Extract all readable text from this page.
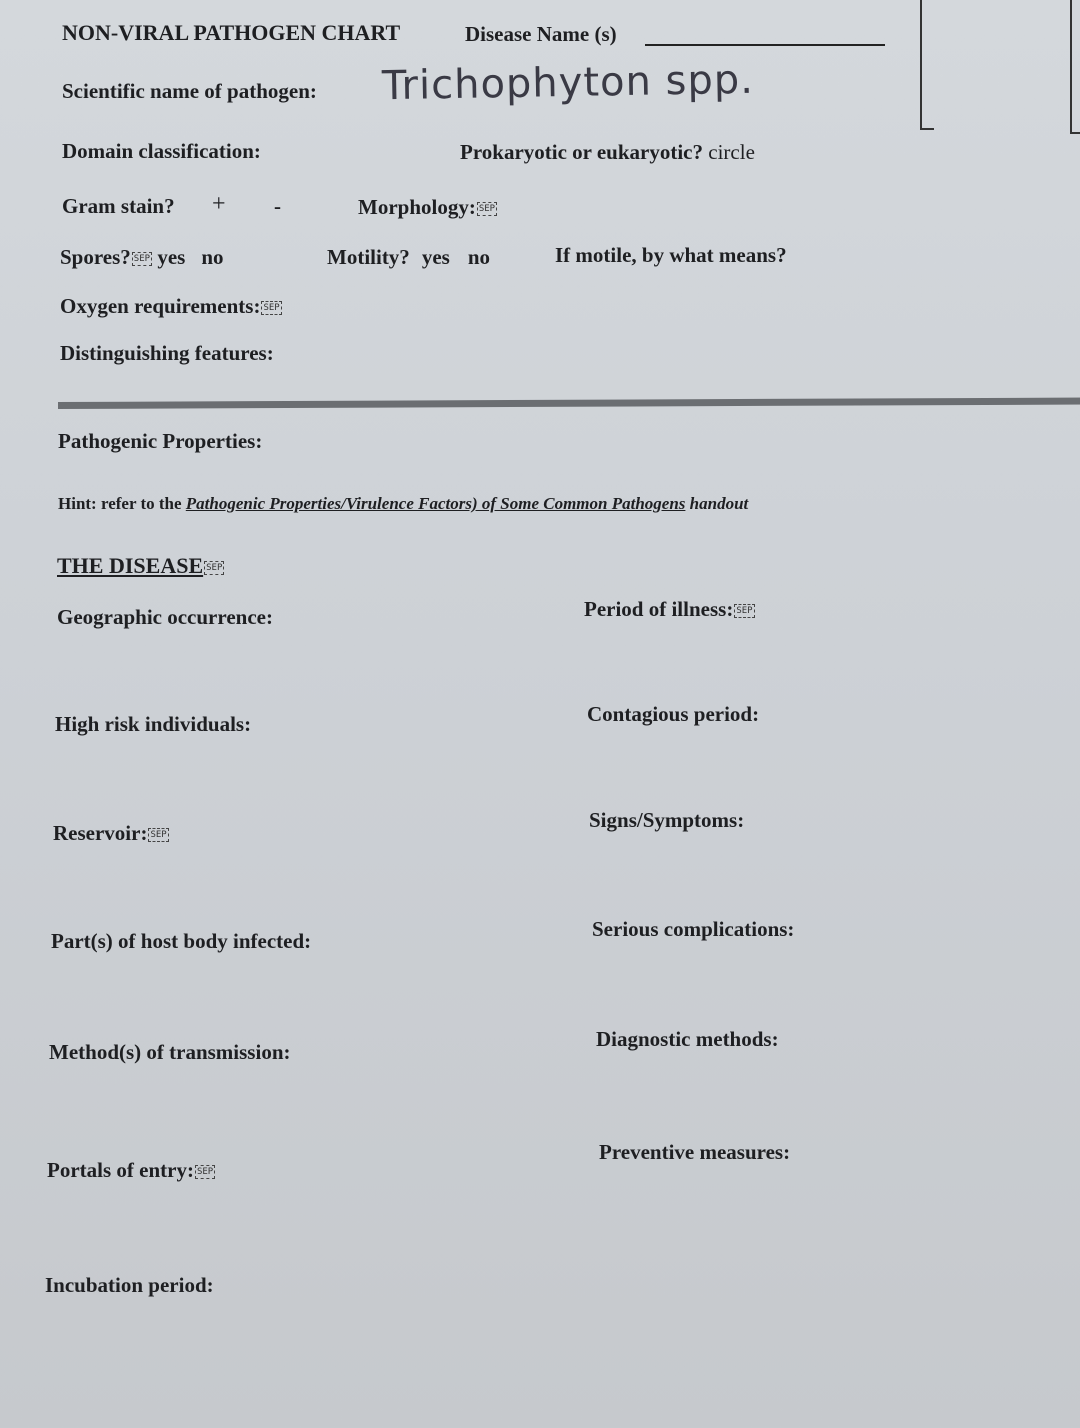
NON-VIRAL PATHOGEN CHART	Disease Name (s)
Scientific name of pathogen: Trichophyton spp.
Domain classification:	Prokaryotic or eukaryotic? circle
Gram stain? + -	Morphology: SEP
Spores? SEP yes no	Motility? yes no	If motile, by what means?
Oxygen requirements: SEP
Distinguishing features:
Pathogenic Properties:
Hint: refer to the Pathogenic Properties/Virulence Factors) of Some Common Pathogens handout
THE DISEASE SEP
Geographic occurrence:
High risk individuals:
Reservoir: SEP
Part(s) of host body infected:
Method(s) of transmission:
Portals of entry: SEP
Incubation period:
Period of illness: SEP
Contagious period:
Signs/Symptoms:
Serious complications:
Diagnostic methods:
Preventive measures:
